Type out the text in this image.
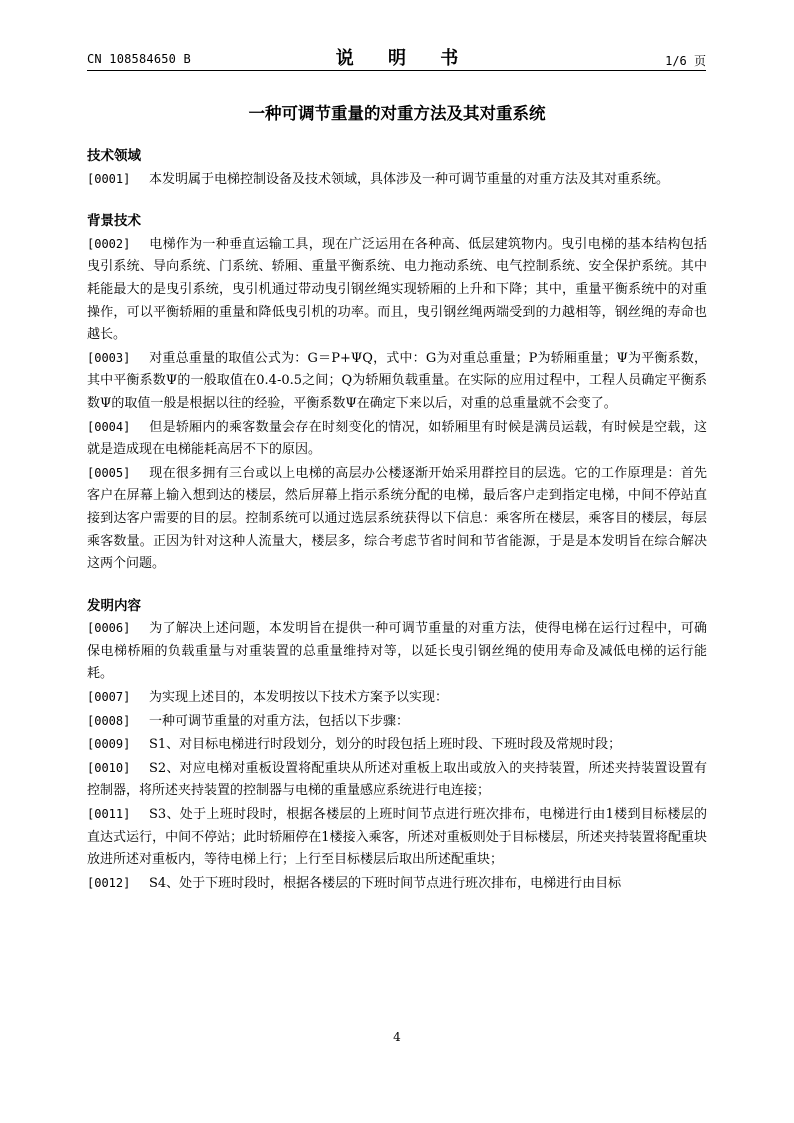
CN 108584650 B	说 明 书	1/6 页
一种可调节重量的对重方法及其对重系统

技术领域

[0001] 本发明属于电梯控制设备及技术领域，具体涉及一种可调节重量的对重方法及其对重系统。

背景技术

[0002] 电梯作为一种垂直运输工具，现在广泛运用在各种高、低层建筑物内。曳引电梯的基本结构包括曳引系统、导向系统、门系统、轿厢、重量平衡系统、电力拖动系统、电气控制系统、安全保护系统。其中耗能最大的是曳引系统，曳引机通过带动曳引钢丝绳实现轿厢的上升和下降；其中，重量平衡系统中的对重操作，可以平衡轿厢的重量和降低曳引机的功率。而且，曳引钢丝绳两端受到的力越相等，钢丝绳的寿命也越长。

[0003] 对重总重量的取值公式为：G＝P+ΨQ，式中：G为对重总重量；P为轿厢重量；Ψ为平衡系数，其中平衡系数Ψ的一般取值在0.4-0.5之间；Q为轿厢负载重量。在实际的应用过程中，工程人员确定平衡系数Ψ的取值一般是根据以往的经验，平衡系数Ψ在确定下来以后，对重的总重量就不会变了。

[0004] 但是轿厢内的乘客数量会存在时刻变化的情况，如轿厢里有时候是满员运载，有时候是空载，这就是造成现在电梯能耗高居不下的原因。

[0005] 现在很多拥有三台或以上电梯的高层办公楼逐渐开始采用群控目的层选。它的工作原理是：首先客户在屏幕上输入想到达的楼层，然后屏幕上指示系统分配的电梯，最后客户走到指定电梯，中间不停站直接到达客户需要的目的层。控制系统可以通过选层系统获得以下信息：乘客所在楼层，乘客目的楼层，每层乘客数量。正因为针对这种人流量大，楼层多，综合考虑节省时间和节省能源，于是是本发明旨在综合解决这两个问题。

发明内容

[0006] 为了解决上述问题，本发明旨在提供一种可调节重量的对重方法，使得电梯在运行过程中，可确保电梯桥厢的负载重量与对重装置的总重量维持对等，以延长曳引钢丝绳的使用寿命及减低电梯的运行能耗。

[0007] 为实现上述目的，本发明按以下技术方案予以实现：

[0008] 一种可调节重量的对重方法，包括以下步骤：

[0009] S1、对目标电梯进行时段划分，划分的时段包括上班时段、下班时段及常规时段；

[0010] S2、对应电梯对重板设置将配重块从所述对重板上取出或放入的夹持装置，所述夹持装置设置有控制器，将所述夹持装置的控制器与电梯的重量感应系统进行电连接；

[0011] S3、处于上班时段时，根据各楼层的上班时间节点进行班次排布，电梯进行由1楼到目标楼层的直达式运行，中间不停站；此时轿厢停在1楼接入乘客，所述对重板则处于目标楼层，所述夹持装置将配重块放进所述对重板内，等待电梯上行；上行至目标楼层后取出所述配重块；

[0012] S4、处于下班时段时，根据各楼层的下班时间节点进行班次排布，电梯进行由目标

4
